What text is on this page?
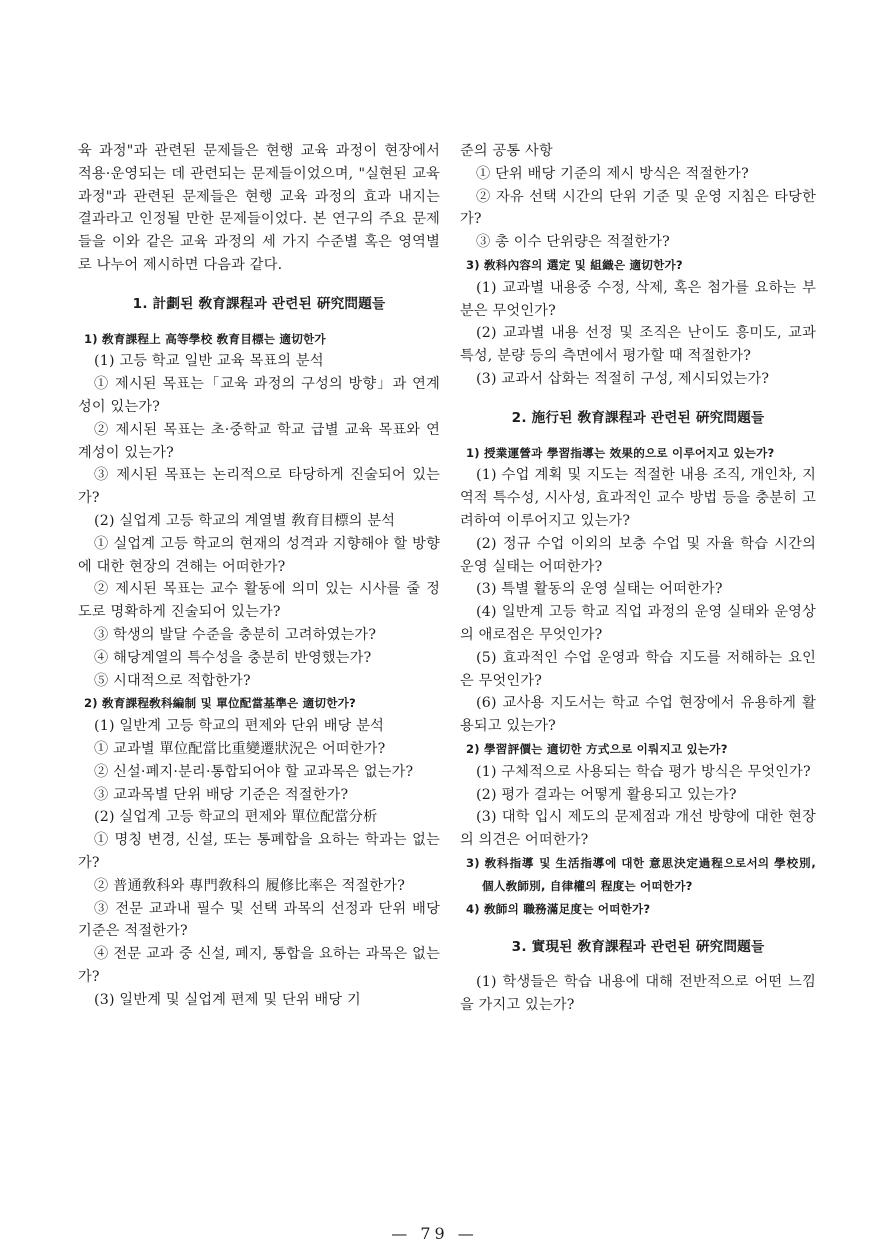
육 과정"과 관련된 문제들은 현행 교육 과정이 현장에서 적용·운영되는 데 관련되는 문제들이었으며, "실현된 교육 과정"과 관련된 문제들은 현행 교육 과정의 효과 내지는 결과라고 인정될 만한 문제들이었다. 본 연구의 주요 문제들을 이와 같은 교육 과정의 세 가지 수준별 혹은 영역별로 나누어 제시하면 다음과 같다.

1. 計劃된 敎育課程과 관련된 硏究問題들

1) 敎育課程上 高等學校 敎育目標는 適切한가

(1) 고등 학교 일반 교육 목표의 분석

① 제시된 목표는「교육 과정의 구성의 방향」과 연계성이 있는가?

② 제시된 목표는 초·중학교 학교 급별 교육 목표와 연계성이 있는가?

③ 제시된 목표는 논리적으로 타당하게 진술되어 있는가?

(2) 실업계 고등 학교의 계열별 敎育目標의 분석

① 실업계 고등 학교의 현재의 성격과 지향해야 할 방향에 대한 현장의 견해는 어떠한가?

② 제시된 목표는 교수 활동에 의미 있는 시사를 줄 정도로 명확하게 진술되어 있는가?

③ 학생의 발달 수준을 충분히 고려하였는가?

④ 해당계열의 특수성을 충분히 반영했는가?

⑤ 시대적으로 적합한가?

2) 敎育課程敎科編制 및 單位配當基準은 適切한가?

(1) 일반계 고등 학교의 편제와 단위 배당 분석

① 교과별 單位配當比重變遷狀況은 어떠한가?

② 신설·폐지·분리·통합되어야 할 교과목은 없는가?

③ 교과목별 단위 배당 기준은 적절한가?

(2) 실업계 고등 학교의 편제와 單位配當分析

① 명칭 변경, 신설, 또는 통폐합을 요하는 학과는 없는가?

② 普通敎科와 專門敎科의 履修比率은 적절한가?

③ 전문 교과내 필수 및 선택 과목의 선정과 단위 배당 기준은 적절한가?

④ 전문 교과 중 신설, 폐지, 통합을 요하는 과목은 없는가?

(3) 일반계 및 실업계 편제 및 단위 배당 기

준의 공통 사항

① 단위 배당 기준의 제시 방식은 적절한가?

② 자유 선택 시간의 단위 기준 및 운영 지침은 타당한가?

③ 총 이수 단위량은 적절한가?

3) 敎科內容의 選定 및 組織은 適切한가?

(1) 교과별 내용중 수정, 삭제, 혹은 첨가를 요하는 부분은 무엇인가?

(2) 교과별 내용 선정 및 조직은 난이도 흥미도, 교과 특성, 분량 등의 측면에서 평가할 때 적절한가?

(3) 교과서 삽화는 적절히 구성, 제시되었는가?

2. 施行된 敎育課程과 관련된 硏究問題들

1) 授業運營과 學習指導는 效果的으로 이루어지고 있는가?

(1) 수업 계획 및 지도는 적절한 내용 조직, 개인차, 지역적 특수성, 시사성, 효과적인 교수 방법 등을 충분히 고려하여 이루어지고 있는가?

(2) 정규 수업 이외의 보충 수업 및 자율 학습 시간의 운영 실태는 어떠한가?

(3) 특별 활동의 운영 실태는 어떠한가?

(4) 일반계 고등 학교 직업 과정의 운영 실태와 운영상의 애로점은 무엇인가?

(5) 효과적인 수업 운영과 학습 지도를 저해하는 요인은 무엇인가?

(6) 교사용 지도서는 학교 수업 현장에서 유용하게 활용되고 있는가?

2) 學習評價는 適切한 方式으로 이뤄지고 있는가?

(1) 구체적으로 사용되는 학습 평가 방식은 무엇인가?

(2) 평가 결과는 어떻게 활용되고 있는가?

(3) 대학 입시 제도의 문제점과 개선 방향에 대한 현장의 의견은 어떠한가?

3) 敎科指導 및 生活指導에 대한 意思決定過程으로서의 學校別, 個人敎師別, 自律權의 程度는 어떠한가?

4) 敎師의 職務滿足度는 어떠한가?

3. 實現된 敎育課程과 관련된 硏究問題들

(1) 학생들은 학습 내용에 대해 전반적으로 어떤 느낌을 가지고 있는가?

— 79 —
